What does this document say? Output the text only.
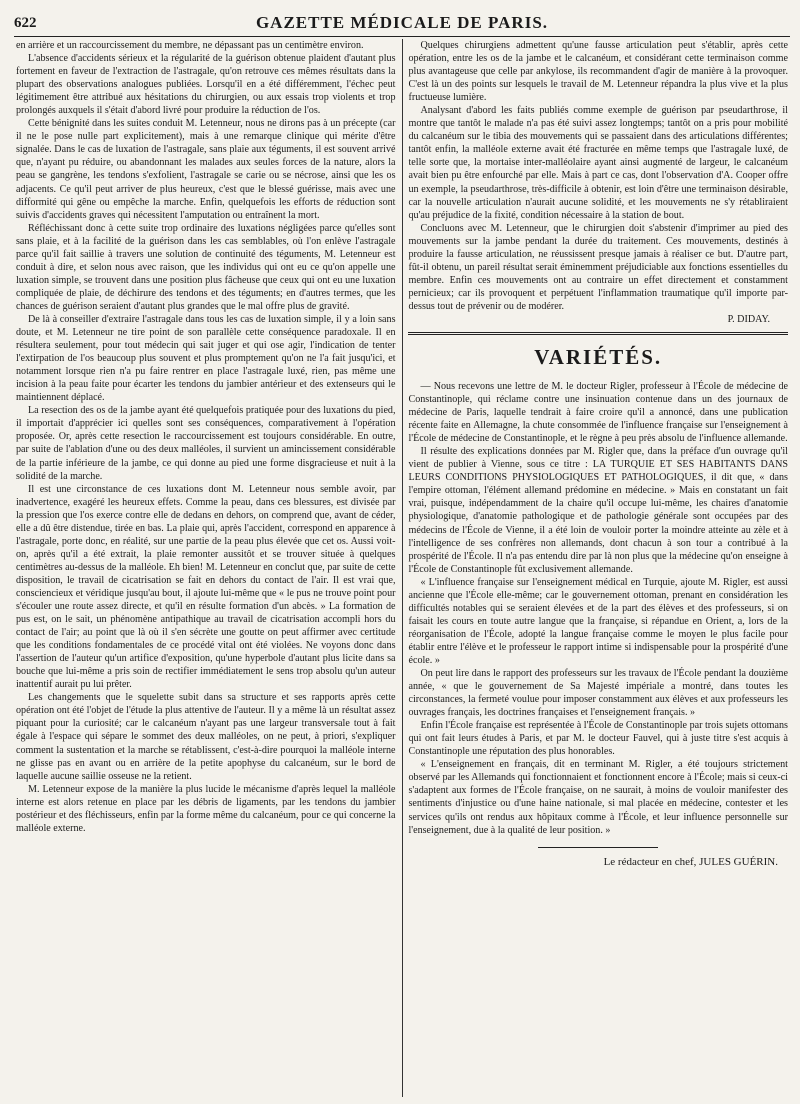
622	GAZETTE MÉDICALE DE PARIS.

en arrière et un raccourcissement du membre, ne dépassant pas un centimètre environ.

L'absence d'accidents sérieux et la régularité de la guérison obtenue plaident d'autant plus fortement en faveur de l'extraction de l'astragale, qu'on retrouve ces mêmes résultats dans la plupart des observations analogues publiées. Lorsqu'il en a été différemment, l'échec peut légitimement être attribué aux hésitations du chirurgien, ou aux essais trop violents et trop prolongés auxquels il s'était d'abord livré pour produire la réduction de l'os.

Cette bénignité dans les suites conduit M. Letenneur, nous ne dirons pas à un précepte (car il ne le pose nulle part explicitement), mais à une remarque clinique qui mérite d'être signalée. Dans le cas de luxation de l'astragale, sans plaie aux téguments, il est souvent arrivé que, n'ayant pu réduire, ou abandonnant les malades aux seules forces de la nature, alors la peau se gangrène, les tendons s'exfolient, l'astragale se carie ou se nécrose, ainsi que les os adjacents. Ce qu'il peut arriver de plus heureux, c'est que le blessé guérisse, mais avec une difformité qui gêne ou empêche la marche. Enfin, quelquefois les efforts de réduction sont suivis d'accidents graves qui nécessitent l'amputation ou entraînent la mort.

Réfléchissant donc à cette suite trop ordinaire des luxations négligées parce qu'elles sont sans plaie, et à la facilité de la guérison dans les cas semblables, où l'on enlève l'astragale parce qu'il fait saillie à travers une solution de continuité des téguments, M. Letenneur est conduit à dire, et selon nous avec raison, que les individus qui ont eu ce qu'on appelle une luxation simple, se trouvent dans une position plus fâcheuse que ceux qui ont eu une luxation compliquée de plaie, de déchirure des tendons et des téguments; en d'autres termes, que les chances de guérison seraient d'autant plus grandes que le mal offre plus de gravité.

De là à conseiller d'extraire l'astragale dans tous les cas de luxation simple, il y a loin sans doute, et M. Letenneur ne tire point de son parallèle cette conséquence paradoxale. Il en résultera seulement, pour tout médecin qui sait juger et qui ose agir, l'indication de tenter l'extirpation de l'os beaucoup plus souvent et plus promptement qu'on ne l'a fait jusqu'ici, et notamment lorsque rien n'a pu faire rentrer en place l'astragale luxé, rien, pas même une incision à la peau faite pour écarter les tendons du jambier antérieur et des extenseurs qui le maintiennent déplacé.

La resection des os de la jambe ayant été quelquefois pratiquée pour des luxations du pied, il importait d'apprécier ici quelles sont ses conséquences, comparativement à l'opération proposée. Or, après cette resection le raccourcissement est toujours considérable. En outre, par suite de l'ablation d'une ou des deux malléoles, il survient un amincissement considérable de la partie inférieure de la jambe, ce qui donne au pied une forme disgracieuse et nuit à la solidité de la marche.

Il est une circonstance de ces luxations dont M. Letenneur nous semble avoir, par inadvertence, exagéré les heureux effets. Comme la peau, dans ces blessures, est divisée par la pression que l'os exerce contre elle de dedans en dehors, on comprend que, avant de céder, elle a dû être distendue, tirée en bas. La plaie qui, après l'accident, correspond en apparence à l'astragale, porte donc, en réalité, sur une partie de la peau plus élevée que cet os. Aussi voit-on, après qu'il a été extrait, la plaie remonter aussitôt et se trouver située à quelques centimètres au-dessus de la malléole. Eh bien! M. Letenneur en conclut que, par suite de cette disposition, le travail de cicatrisation se fait en dehors du contact de l'air. Il est vrai que, consciencieux et véridique jusqu'au bout, il ajoute lui-même que « le pus ne trouve point pour s'écouler une route assez directe, et qu'il en résulte formation d'un abcès. » La formation de pus est, on le sait, un phénomène antipathique au travail de cicatrisation accompli hors du contact de l'air; au point que là où il s'en sécrète une goutte on peut affirmer avec certitude que les conditions fondamentales de ce procédé vital ont été violées. Ne voyons donc dans l'assertion de l'auteur qu'un artifice d'exposition, qu'une hyperbole d'autant plus licite dans sa bouche que lui-même a pris soin de rectifier immédiatement le sens trop absolu qu'un auteur inattentif aurait pu lui prêter.

Les changements que le squelette subit dans sa structure et ses rapports après cette opération ont été l'objet de l'étude la plus attentive de l'auteur. Il y a même là un résultat assez piquant pour la curiosité; car le calcanéum n'ayant pas une largeur transversale tout à fait égale à l'espace qui sépare le sommet des deux malléoles, on ne peut, à priori, s'expliquer comment la sustentation et la marche se rétablissent, c'est-à-dire pourquoi la malléole interne ne glisse pas en avant ou en arrière de la petite apophyse du calcanéum, sur le bord de laquelle aucune saillie osseuse ne la retient.

M. Letenneur expose de la manière la plus lucide le mécanisme d'après lequel la malléole interne est alors retenue en place par les débris de ligaments, par les tendons du jambier postérieur et des fléchisseurs, enfin par la forme même du calcanéum, pour ce qui concerne la malléole externe.

Quelques chirurgiens admettent qu'une fausse articulation peut s'établir, après cette opération, entre les os de la jambe et le calcanéum, et considérant cette terminaison comme plus avantageuse que celle par ankylose, ils recommandent d'agir de manière à la provoquer. C'est là un des points sur lesquels le travail de M. Letenneur répandra la plus vive et la plus fructueuse lumière.

Analysant d'abord les faits publiés comme exemple de guérison par pseudarthrose, il montre que tantôt le malade n'a pas été suivi assez longtemps; tantôt on a pris pour mobilité du calcanéum sur le tibia des mouvements qui se passaient dans des articulations différentes; tantôt enfin, la malléole externe avait été fracturée en même temps que l'astragale luxé, de telle sorte que, la mortaise inter-malléolaire ayant ainsi augmenté de largeur, le calcanéum avait bien pu être enfourché par elle. Mais à part ce cas, dont l'observation d'A. Cooper offre un exemple, la pseudarthrose, très-difficile à obtenir, est loin d'être une terminaison désirable, car la nouvelle articulation n'aurait aucune solidité, et les mouvements ne s'y rétabliraient qu'au préjudice de la fixité, condition nécessaire à la station de bout.

Concluons avec M. Letenneur, que le chirurgien doit s'abstenir d'imprimer au pied des mouvements sur la jambe pendant la durée du traitement. Ces mouvements, destinés à produire la fausse articulation, ne réussissent presque jamais à réaliser ce but. D'autre part, fût-il obtenu, un pareil résultat serait éminemment préjudiciable aux fonctions essentielles du membre. Enfin ces mouvements ont au contraire un effet directement et constamment pernicieux; car ils provoquent et perpétuent l'inflammation traumatique qu'il importe par-dessus tout de prévenir ou de modérer.

P. DIDAY.
VARIÉTÉS.

— Nous recevons une lettre de M. le docteur Rigler, professeur à l'École de médecine de Constantinople, qui réclame contre une insinuation contenue dans un des journaux de médecine de Paris, laquelle tendrait à faire croire qu'il a annoncé, dans une publication récente faite en Allemagne, la chute consommée de l'influence française sur l'enseignement à l'École de médecine de Constantinople, et le règne à peu près absolu de l'influence allemande.

Il résulte des explications données par M. Rigler que, dans la préface d'un ouvrage qu'il vient de publier à Vienne, sous ce titre : LA TURQUIE ET SES HABITANTS DANS LEURS CONDITIONS PHYSIOLOGIQUES ET PATHOLOGIQUES, il dit que, « dans l'empire ottoman, l'élément allemand prédomine en médecine. » Mais en constatant un fait vrai, puisque, indépendamment de la chaire qu'il occupe lui-même, les chaires d'anatomie physiologique, d'anatomie pathologique et de pathologie générale sont occupées par des médecins de l'École de Vienne, il a été loin de vouloir porter la moindre atteinte au zèle et à l'intelligence de ses confrères non allemands, dont chacun à son tour a contribué à la prospérité de l'École. Il n'a pas entendu dire par là non plus que la médecine qu'on enseigne à l'École de Constantinople fût exclusivement allemande.

« L'influence française sur l'enseignement médical en Turquie, ajoute M. Rigler, est aussi ancienne que l'École elle-même; car le gouvernement ottoman, prenant en considération les difficultés notables qui se seraient élevées et de la part des élèves et des professeurs, si on faisait les cours en toute autre langue que la française, si répandue en Orient, a, lors de la réorganisation de l'École, adopté la langue française comme le moyen le plus facile pour établir entre l'élève et le professeur le rapport intime si indispensable pour la prospérité d'une école. »

On peut lire dans le rapport des professeurs sur les travaux de l'École pendant la douzième année, « que le gouvernement de Sa Majesté impériale a montré, dans toutes les circonstances, la fermeté voulue pour imposer constamment aux élèves et aux professeurs les ouvrages français, les doctrines françaises et l'enseignement français. »

Enfin l'École française est représentée à l'École de Constantinople par trois sujets ottomans qui ont fait leurs études à Paris, et par M. le docteur Fauvel, qui à juste titre s'est acquis à Constantinople une réputation des plus honorables.

« L'enseignement en français, dit en terminant M. Rigler, a été toujours strictement observé par les Allemands qui fonctionnaient et fonctionnent encore à l'École; mais si ceux-ci s'adaptent aux formes de l'École française, on ne saurait, à moins de vouloir manifester des sentiments d'injustice ou d'une haine nationale, si mal placée en médecine, contester et les services qu'ils ont rendus aux hôpitaux comme à l'École, et leur influence personnelle sur l'enseignement, due à la qualité de leur position. »

Le rédacteur en chef, JULES GUÉRIN.
